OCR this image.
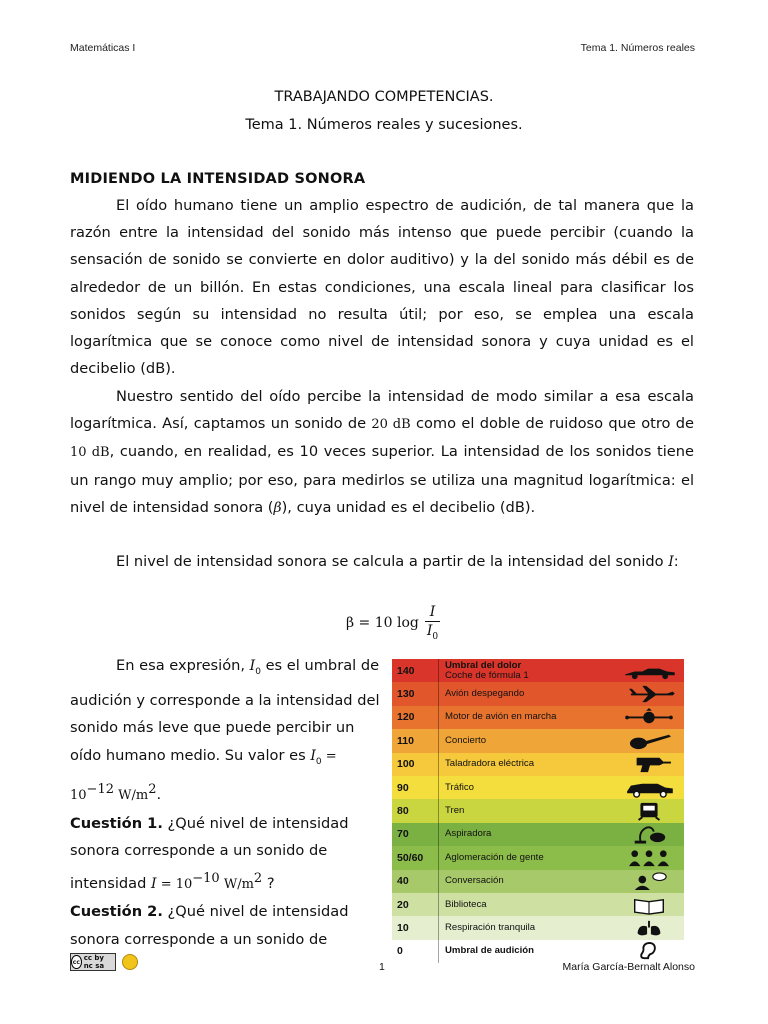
Matemáticas I	Tema 1. Números reales
TRABAJANDO COMPETENCIAS.
Tema 1. Números reales y sucesiones.
MIDIENDO LA INTENSIDAD SONORA
El oído humano tiene un amplio espectro de audición, de tal manera que la razón entre la intensidad del sonido más intenso que puede percibir (cuando la sensación de sonido se convierte en dolor auditivo) y la del sonido más débil es de alrededor de un billón. En estas condiciones, una escala lineal para clasificar los sonidos según su intensidad no resulta útil; por eso, se emplea una escala logarítmica que se conoce como nivel de intensidad sonora y cuya unidad es el decibelio (dB).
Nuestro sentido del oído percibe la intensidad de modo similar a esa escala logarítmica. Así, captamos un sonido de 20 dB como el doble de ruidoso que otro de 10 dB, cuando, en realidad, es 10 veces superior. La intensidad de los sonidos tiene un rango muy amplio; por eso, para medirlos se utiliza una magnitud logarítmica: el nivel de intensidad sonora (β), cuya unidad es el decibelio (dB).
El nivel de intensidad sonora se calcula a partir de la intensidad del sonido I:
β = 10 $\log \frac{I}{I_0}$
En esa expresión, $I_0$ es el umbral de audición y corresponde a la intensidad del sonido más leve que puede percibir un oído humano medio. Su valor es $I_0 = 10^{-12}$ $W/m^2$.
Cuestión 1. ¿Qué nivel de intensidad sonora corresponde a un sonido de intensidad $I = 10^{-10}$ $W/m^2$ ?
Cuestión 2. ¿Qué nivel de intensidad sonora corresponde a un sonido de
140	Umbral del dolor
Coche de fórmula 1
130	Avión despegando
120	Motor de avión en marcha
110	Concierto
100	Taladradora eléctrica
90	Tráfico
80	Tren
70	Aspiradora
50/60	Aglomeración de gente
40	Conversación
20	Biblioteca
10	Respiración tranquila
0	Umbral de audición
cc cc by nc sa	1	María García-Bernalt Alonso
